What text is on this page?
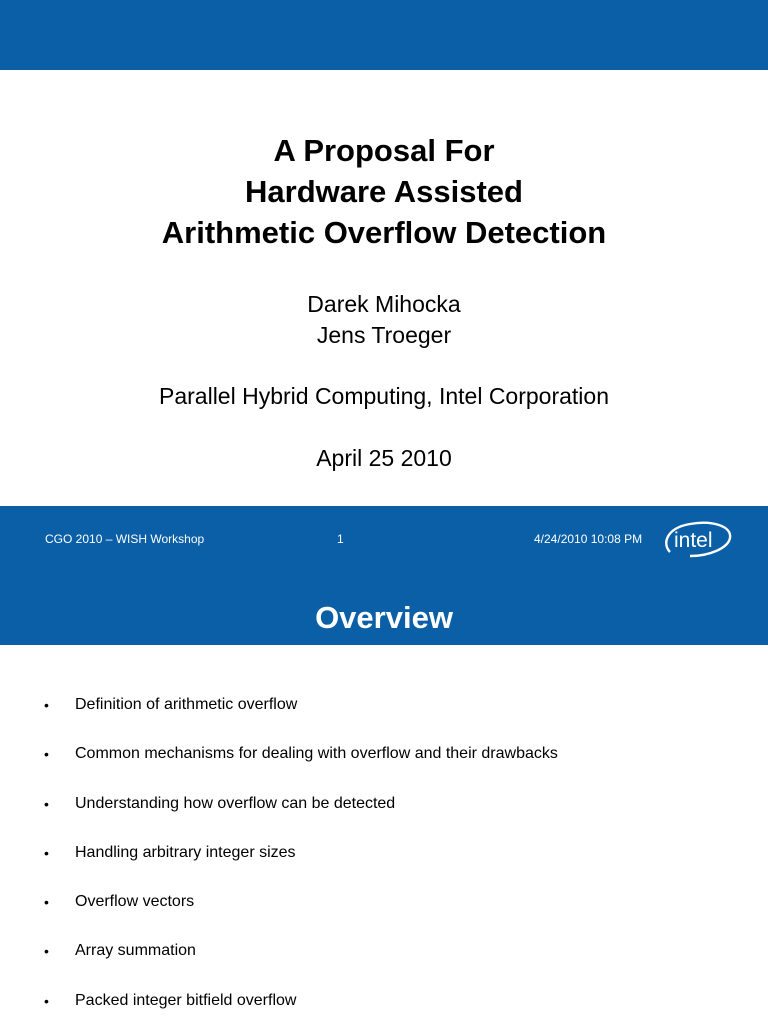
A Proposal For
Hardware Assisted
Arithmetic Overflow Detection
Darek Mihocka
Jens Troeger
Parallel Hybrid Computing, Intel Corporation
April 25 2010
CGO 2010 – WISH Workshop	1	4/24/2010 10:08 PM intel
Overview
• Definition of arithmetic overflow
• Common mechanisms for dealing with overflow and their drawbacks
• Understanding how overflow can be detected
• Handling arbitrary integer sizes
• Overflow vectors
• Array summation
• Packed integer bitfield overflow
